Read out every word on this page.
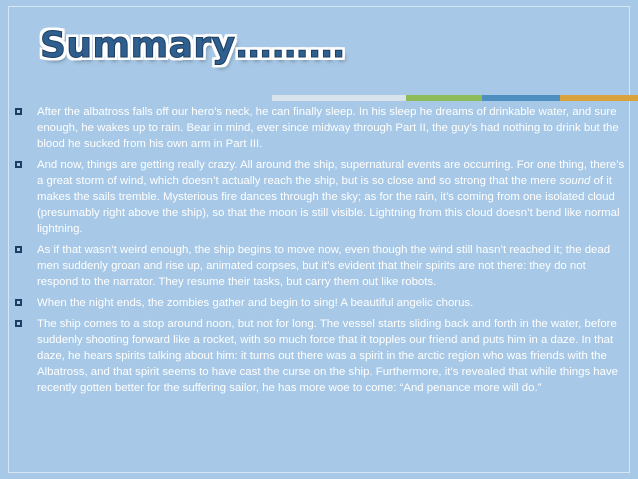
Summary………
After the albatross falls off our hero’s neck, he can finally sleep. In his sleep he dreams of drinkable water, and sure enough, he wakes up to rain. Bear in mind, ever since midway through Part II, the guy’s had nothing to drink but the blood he sucked from his own arm in Part III.
And now, things are getting really crazy. All around the ship, supernatural events are occurring. For one thing, there’s a great storm of wind, which doesn’t actually reach the ship, but is so close and so strong that the mere sound of it makes the sails tremble. Mysterious fire dances through the sky; as for the rain, it’s coming from one isolated cloud (presumably right above the ship), so that the moon is still visible. Lightning from this cloud doesn’t bend like normal lightning.
As if that wasn’t weird enough, the ship begins to move now, even though the wind still hasn’t reached it; the dead men suddenly groan and rise up, animated corpses, but it’s evident that their spirits are not there: they do not respond to the narrator. They resume their tasks, but carry them out like robots.
When the night ends, the zombies gather and begin to sing! A beautiful angelic chorus.
The ship comes to a stop around noon, but not for long. The vessel starts sliding back and forth in the water, before suddenly shooting forward like a rocket, with so much force that it topples our friend and puts him in a daze. In that daze, he hears spirits talking about him: it turns out there was a spirit in the arctic region who was friends with the Albatross, and that spirit seems to have cast the curse on the ship. Furthermore, it’s revealed that while things have recently gotten better for the suffering sailor, he has more woe to come: “And penance more will do.”
